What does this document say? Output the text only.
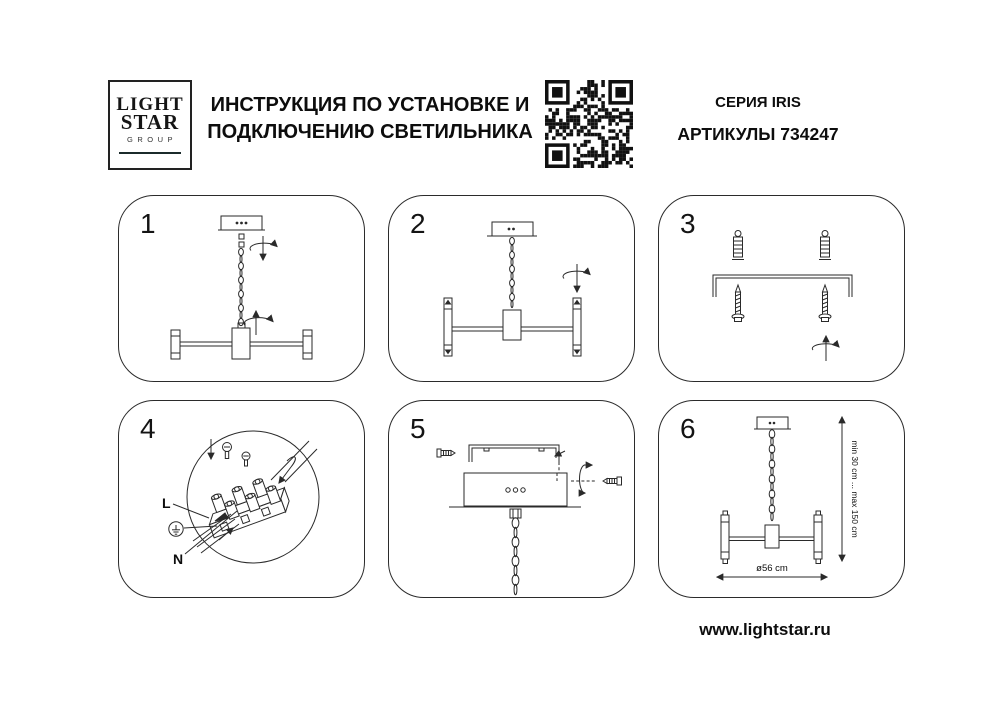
LIGHT
STAR
GROUP
ИНСТРУКЦИЯ ПО УСТАНОВКЕ И
ПОДКЛЮЧЕНИЮ СВЕТИЛЬНИКА
СЕРИЯ IRIS
АРТИКУЛЫ 734247
1	2	3
4
L
N
5	6
min 30 cm ... max 150 cm
ø56 cm
www.lightstar.ru
